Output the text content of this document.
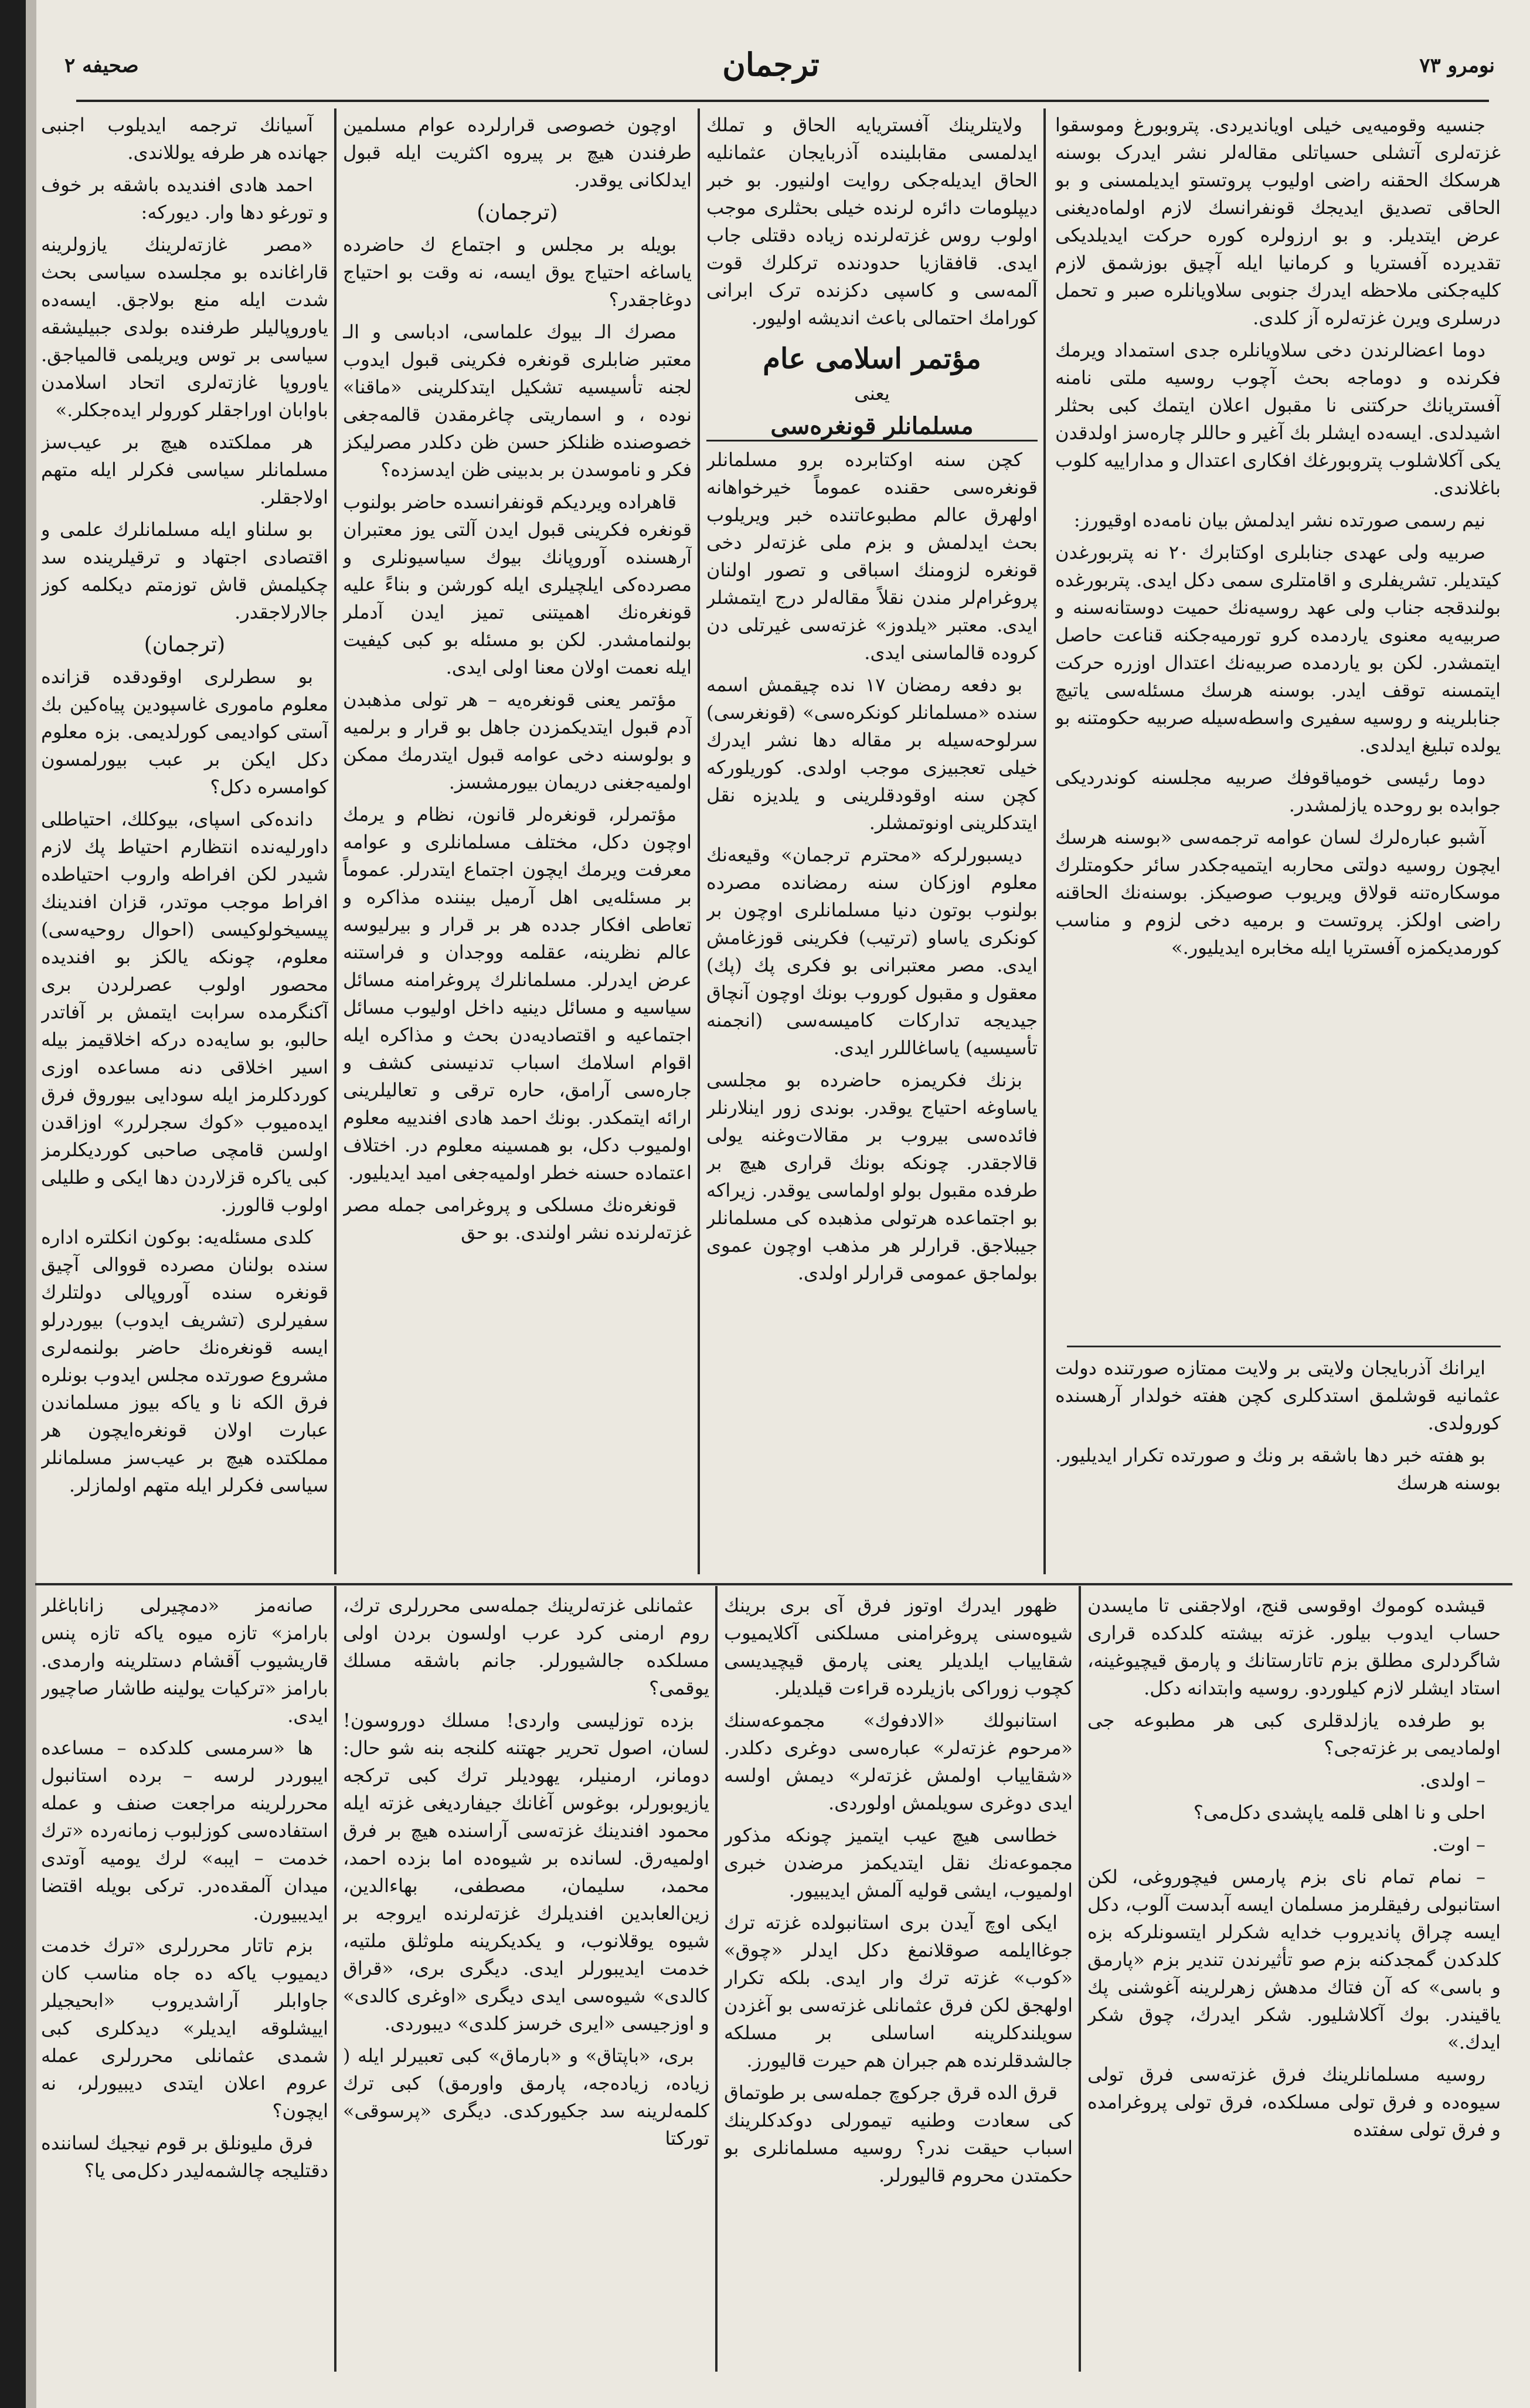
صحیفه ۲	ترجمان	نومرو ۷۳

جنسیه وقومیه‌یی خیلی اویاندیردی. پتروبورغ وموسقوا غزته‌لری آتشلی حسیاتلی مقاله‌لر نشر ایدرک بوسنه هرسکك الحقنه راضی اولیوب پروتستو ایدیلمسنی و بو الحاقی تصدیق ایدیجك قونفرانسك لازم اولماه‌دیغنی عرض ایتدیلر. و بو ارزولره کوره حرکت ایدیلدیکی تقدیرده آفستریا و کرمانیا ایله آچیق بوزشمق لازم کلیه‌جکنی ملاحظه ایدرك جنوبی سلاویانلره صبر و تحمل درسلری ویرن غزته‌لره آز کلدی.

دوما اعضالرندن دخی سلاویانلره جدی استمداد ویرمك فکرنده و دوماجه بحث آچوب روسیه ملتی نامنه آفستریانك حرکتنی نا مقبول اعلان ایتمك کبی بحثلر اشیدلدی. ایسه‌ده ایشلر بك آغیر و حاللر چاره‌سز اولدقدن یکی آکلاشلوب پتروبورغك افکاری اعتدال و مداراییه کلوب باغلاندی.

نیم رسمی صورتده نشر ایدلمش بیان نامه‌ده اوقیورز:

صربیه ولی عهدی جنابلری اوکتابرك ۲۰ نه پتربورغدن کیتدیلر. تشریفلری و اقامتلری سمی دکل ایدی. پتربورغده بولندقجه جناب ولی عهد روسیه‌نك حمیت دوستانه‌سنه و صربیه‌یه معنوی یاردمده کرو تورمیه‌جکنه قناعت حاصل ایتمشدر. لکن بو یاردمده صربیه‌نك اعتدال اوزره حرکت ایتمسنه توقف ایدر. بوسنه هرسك مسئله‌سی یاتیچ جنابلرینه و روسیه سفیری واسطه‌سیله صربیه حکومتنه بو یولده تبلیغ ایدلدی.

دوما رئیسی خومیاقوفك صربیه مجلسنه کوندردیکی جوابده بو روحده یازلمشدر.

آشبو عباره‌لرك لسان عوامه ترجمه‌سی «بوسنه هرسك ایچون روسیه دولتی محاربه ایتمیه‌جکدر سائر حکومتلرك موسکاره‌تنه قولاق ویریوب صوصیکز. بوسنه‌نك الحاقنه راضی اولکز. پروتست و برمیه دخی لزوم و مناسب کورمدیکمزه آفستریا ایله مخابره ایدیلیور.»

ایرانك آذربایجان ولایتی بر ولایت ممتازه صورتنده دولت عثمانیه قوشلمق استدکلری کچن هفته خولدار آرهسنده کورولدی.

بو هفته خبر دها باشقه بر ونك و صورتده تکرار ایدیلیور. بوسنه هرسك

ولایتلرینك آفستریایه الحاق و تملك ایدلمسی مقابلینده آذربایجان عثمانلیه الحاق ایدیله‌جکی روایت اولنیور. بو خبر دیپلومات دائره لرنده خیلی بحثلری موجب اولوب روس غزته‌لرنده زیاده دقتلی جاب ایدی. قافقازیا حدودنده ترکلرك قوت آلمه‌سی و کاسپی دکزنده ترک ابرانی کورامك احتمالی باعث اندیشه اولیور.

مؤتمر اسلامی عام

یعنی

مسلمانلر قونغره‌سی

کچن سنه اوکتابرده برو مسلمانلر قونغره‌سی حقنده عموماً خیرخواهانه اولهرق عالم مطبوعاتنده خبر ویریلوب بحث ایدلمش و بزم ملی غزته‌لر دخی قونغره لزومنك اسباقی و تصور اولنان پروغرام‌لر مندن نقلاً مقاله‌لر درج ایتمشلر ایدی. معتبر «یلدوز» غزته‌سی غیرتلی دن کروده قالماسنی ایدی.

بو دفعه رمضان ۱۷ نده چیقمش اسمه سنده «مسلمانلر کونکره‌سی» (قونغرسی) سرلوحه‌سیله بر مقاله دها نشر ایدرك خیلی تعجبیزی موجب اولدی. کوریلورکه کچن سنه اوقودقلرینی و یلدیزه نقل ایتدکلرینی اونوتمشلر.

دیسبورلرکه «محترم ترجمان» وقیعه‌نك معلوم اوزکان سنه رمضانده مصرده بولنوب بوتون دنیا مسلمانلری اوچون بر کونکری یاساو (ترتیب) فکرینی قوزغامش ایدی. مصر معتبرانی بو فکری پك (پك) معقول و مقبول کوروب بونك اوچون آنچاق جیدیجه تدارکات کامیسه‌سی (انجمنه تأسیسیه) یاساغاللرر ایدی.

بزنك فکریمزه حاضرده بو مجلسی یاساوغه احتیاج یوقدر. بوندی زور اینلارنلر فائده‌سی بیروب بر مقالات‌وغنه یولی قالاجقدر. چونکه بونك قراری هیچ بر طرفده مقبول بولو اولماسی یوقدر. زیراکه بو اجتماعده هرتولی مذهبده کی مسلمانلر جیبلاجق. قرارلر هر مذهب اوچون عموی بولماجق عمومی قرارلر اولدی.

اوچون خصوصی قرارلرده عوام مسلمین طرفندن هیچ بر پیروه اکثریت ایله قبول ایدلکانی یوقدر.

(ترجمان)

بویله بر مجلس و اجتماع ك حاضرده یاساغه احتیاج یوق ایسه، نه وقت بو احتیاج دوغاجقدر؟

مصرك الـ بیوك علماسی، ادباسی و الـ معتبر ضابلری قونغره فکرینی قبول ایدوب لجنه تأسیسیه تشکیل ایتدکلرینی «ماقنا» نوده ، و اسماریتی چاغرمقدن قالمه‌جغی خصوصنده ظنلکز حسن ظن دکلدر مصرلیکز فکر و ناموسدن بر بدبینی ظن ایدسزده؟

قاهراده ویردیکم قونفرانسده حاضر بولنوب قونغره فکرینی قبول ایدن آلتی یوز معتبران آرهسنده آوروپانك بیوك سیاسیونلری و مصرده‌کی ایلچیلری ایله کورشن و بناءً علیه قونغره‌نك اهمیتنی تمیز ایدن آدملر بولنمامشدر. لکن بو مسئله بو کبی کیفیت ایله نعمت اولان معنا اولی ایدی.

مؤتمر یعنی قونغره‌یه – هر تولی مذهبدن آدم قبول ایتدیکمزدن جاهل بو قرار و برلمیه و بولوسنه دخی عوامه قبول ایتدرمك ممکن اولمیه‌جغنی دریمان بیورمشسز.

مؤتمرلر، قونغره‌لر قانون، نظام و یرمك اوچون دکل، مختلف مسلمانلری و عوامه معرفت ویرمك ایچون اجتماع ایتدرلر. عموماً بر مسئله‌یی اهل آرمیل بیننده مذاکره و تعاطی افکار جدده هر بر قرار و بیرلیوسه عالم نظرینه، عقلمه ووجدان و فراستنه عرض ایدرلر. مسلمانلرك پروغرامنه مسائل سیاسیه و مسائل دینیه داخل اولیوب مسائل اجتماعیه و اقتصادیه‌دن بحث و مذاکره ایله اقوام اسلامك اسباب تدنیسنی کشف و جاره‌سی آرامق، حاره ترقی و تعالیلرینی ارائه ایتمکدر. بونك احمد هادی افندییه معلوم اولمیوب دكل، بو همسینه معلوم در. اختلاف اعتماده حسنه خطر اولمیه‌جغی امید ایدیلیور.

قونغره‌نك مسلکی و پروغرامی جمله مصر غزته‌لرنده نشر اولندی. بو حق

آسیانك ترجمه ایدیلوب اجنبی جهانده هر طرفه یوللاندی.

احمد هادی افندیده باشقه بر خوف و تورغو دها وار. دیورکه:

«مصر غازته‌لرینك یازولرینه قاراغانده بو مجلسده سیاسی بحث شدت ایله منع بولاجق. ایسه‌ده یاوروپالیلر طرفنده بولدی جبیلیشقه سیاسی بر توس ویریلمی قالمیاجق. یاوروپا غازته‌لری اتحاد اسلامدن باوابان اوراجقلر کورولر ایده‌جکلر.»

هر مملکتده هیچ بر عیب‌سز مسلمانلر سیاسی فکرلر ایله متهم اولاجقلر.

بو سلناو ایله مسلمانلرك علمی و اقتصادی اجتهاد و ترقیلرینده سد چکیلمش قاش توزمتم دیکلمه کوز جالارلاجقدر.

(ترجمان)

بو سطرلری اوقودقده قزانده معلوم ماموری غاسپودین پیاه‌کین بك آستی کوادیمی کورلدیمی. بزه معلوم دکل ایکن بر عبب بیورلمسون کوامسره دکل؟

دانده‌کی اسپای، بیوکلك، احتیاطلی داورلیه‌نده انتظارم احتیاط پك لازم شیدر لکن افراطه واروب احتیاطده افراط موجب موتدر، قزان افندینك پیسیخولوکیسی (احوال روحیه‌سی) معلوم، چونکه یالکز بو افندیده محصور اولوب عصرلردن بری آکنگرمده سرابت ایتمش بر آفاتدر حالبو، بو سایه‌ده درکه اخلاقیمز بیله اسیر اخلاقی دنه مساعده اوزی کوردکلرمز ایله سودایی بیوروق فرق ایده‌میوب «کوك سجرلرر» اوزاقدن اولسن قامچی صاحبی کوردیکلرمز کبی یاکره قزلاردن دها ایکی و طلیلی اولوب قالورز.

کلدی مسئله‌یه: بوکون انکلتره اداره سنده بولنان مصرده قووالی آچیق قونغره سنده آوروپالی دولتلرك سفیرلری (تشریف ایدوب) بیوردرلو ایسه قونغره‌نك حاضر بولنمه‌لری مشروع صورتده مجلس ایدوب بونلره فرق الکه نا و یاکه بیوز مسلماندن عبارت اولان قونغره‌ایچون هر مملکتده هیچ بر عیب‌سز مسلمانلر سیاسی فکرلر ایله متهم اولمازلر.

قیشده کوموك اوقوسی قنج، اولاجقنی تا مایسدن حساب ایدوب بیلور. غزته بیشته کلدکده قراری شاگردلری مطلق بزم تاتارستانك و پارمق قیچیوغینه، استاد ایشلر لازم کیلوردو. روسیه وابتدانه دکل.

بو طرفده یازلدقلری کبی هر مطبوعه جی اولمادیمی بر غزته‌جی؟

– اولدی.

احلی و نا اهلی قلمه یاپشدی دکل‌می؟

– اوت.

– نمام تمام نای بزم پارمس فیچوروغی، لکن استانبولی رفیقلرمز مسلمان ایسه آبدست آلوب، دکل ایسه چراق پاندیروب خدایه شکرلر ایتسونلرکه بزه کلدکدن گمجدکنه بزم صو تأثیرندن تندیر بزم «پارمق و باسی» که آن فتاك مدهش زهرلرینه آغوشنی پك یاقیندر. بوك آکلاشلیور. شکر ایدرك، چوق شکر ایدك.»

روسیه مسلمانلرینك فرق غزته‌سی فرق تولی سیوه‌ده و فرق تولی مسلکده، فرق تولی پروغرامده و فرق تولی سفتده

ظهور ایدرك اوتوز فرق آی بری برینك شیوه‌سنی پروغرامنی مسلکنی آکلایمیوب شقاییاب ایلدیلر یعنی پارمق قیچیدیسی کچوب زوراکی بازیلرده قراءت قیلدیلر.

استانبولك «الادفوك» مجموعه‌سنك «مرحوم غزته‌لر» عباره‌سی دوغری دکلدر. «شقاییاب اولمش غزته‌لر» دیمش اولسه ایدی دوغری سویلمش اولوردی.

خطاسی هیچ عیب ایتمیز چونکه مذکور مجموعه‌نك نقل ایتدیکمز مرضدن خبری اولمیوب، ایشی قولیه آلمش ایدیبیور.

ایکی اوچ آیدن بری استانبولده غزته ترك جوغاایلمه صوقلانمغ دکل ایدلر «چوق» «کوب» غزته ترك وار ایدی. بلکه تکرار اولهجق لکن فرق عثمانلی غزته‌سی بو آغزدن سویلندکلرینه اساسلی بر مسلکه جالشدقلرنده هم جبران هم حیرت قالیورز.

قرق الده قرق جرکوچ جمله‌سی بر طوتماق کی سعادت وطنیه تیمورلی دوکدکلرینك اسباب حیقت ندر؟ روسیه مسلمانلری بو حکمتدن محروم قالیورلر.

عثمانلی غزته‌لرینك جمله‌سی محررلری ترك، روم ارمنی کرد عرب اولسون بردن اولی مسلکده جالشیورلر. جانم باشقه مسلك یوقمی؟

بزده توزلیسی واردی! مسلك دوروسون! لسان، اصول تحریر جهتنه کلنجه بنه شو حال: دومانر، ارمنیلر، یهودیلر ترك کبی ترکجه یازیوبورلر، بوغوس آغانك جیفاردیغی غزته ایله محمود افندینك غزته‌سی آراسنده هیچ بر فرق اولمیه‌رق. لسانده بر شیوه‌ده اما بزده احمد، محمد، سلیمان، مصطفی، بهاءالدین، زین‌العابدین افندیلرك غزته‌لرنده ایروجه بر شیوه یوقلانوب، و یکدیکرینه ملوثلق ملتیه، خدمت ایدیبورلر ایدی. دیگری بری، «قراق کالدی» شیوه‌سی ایدی دیگری «اوغری کالدی» و اوزجیسی «ایری خرسز کلدی» دیبوردی.

بری، «باپتاق» و «بارماق» کبی تعبیرلر ایله ( زیاده، زیاده‌جه، پارمق واورمق) کبی ترك کلمه‌لرینه سد جکیورکدی. دیگری «پرسوقی» تورکتا

صانه‌مز «دمچیرلی زاناباغلر بارامز» تازه میوه یاکه تازه پنس قاریشیوب آقشام دستلرینه وارمدی. بارامز «ترکیات یولینه طاشار صاچیور ایدی.

ها «سرمسی کلدکده – مساعده ایبوردر لرسه – برده استانبول محررلرینه مراجعت صنف و عمله استفاده‌سی کوزلبوب زمانه‌رده «ترك خدمت – ایبه» لرك یومیه آوتدی میدان آلمقده‌در. ترکی بویله اقتضا ایدیبیورن.

بزم تاتار محررلری «ترك خدمت دیمیوب یاکه ده جاه مناسب کان جاوابلر آراشدیروب «ابحیجیلر اییشلوقه ایدیلر» دیدکلری کبی شمدی عثمانلی محررلری عمله عروم اعلان ایتدی دیبیورلر، نه ایچون؟

فرق ملیونلق بر قوم نیجیك لساننده دقتلیجه چالشمه‌لیدر دکل‌می یا؟
